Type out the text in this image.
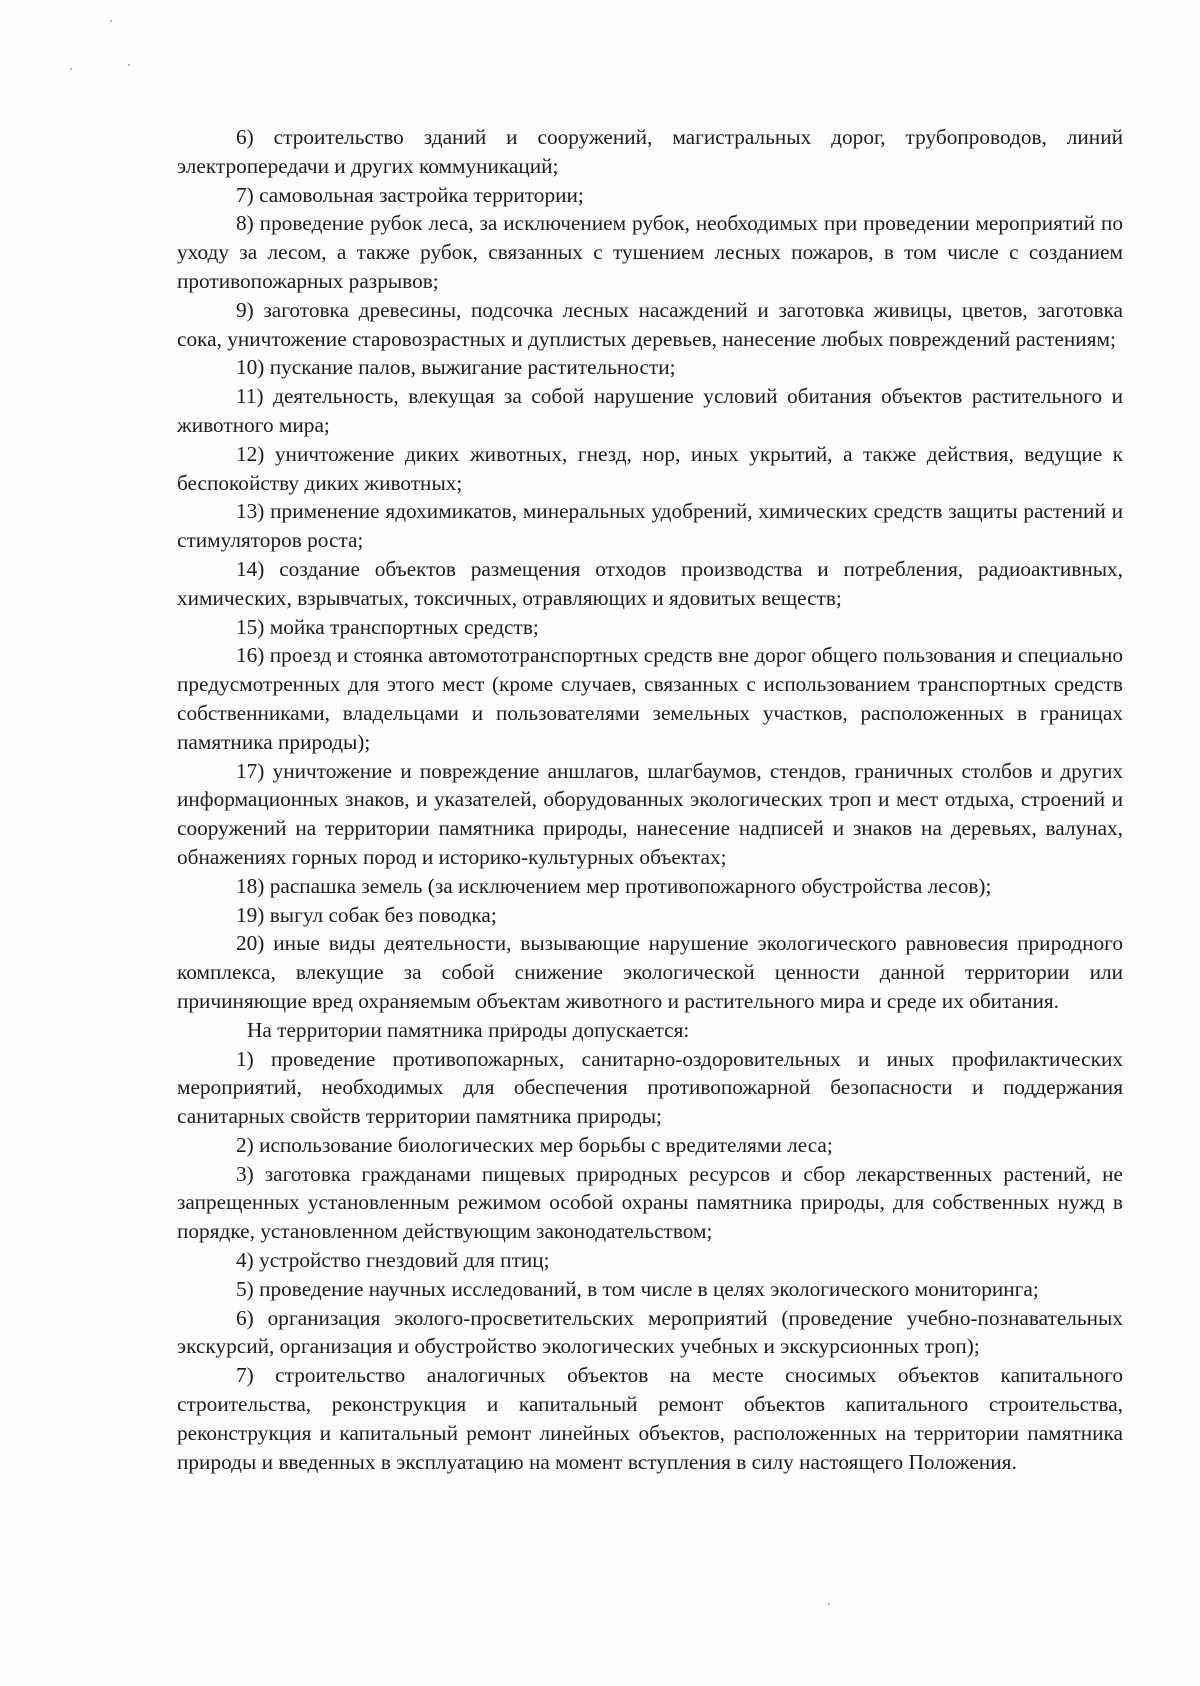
6) строительство зданий и сооружений, магистральных дорог, трубопроводов, линий электропередачи и других коммуникаций;

7) самовольная застройка территории;

8) проведение рубок леса, за исключением рубок, необходимых при проведении мероприятий по уходу за лесом, а также рубок, связанных с тушением лесных пожаров, в том числе с созданием противопожарных разрывов;

9) заготовка древесины, подсочка лесных насаждений и заготовка живицы, цветов, заготовка сока, уничтожение старовозрастных и дуплистых деревьев, нанесение любых повреждений растениям;

10) пускание палов, выжигание растительности;

11) деятельность, влекущая за собой нарушение условий обитания объектов растительного и животного мира;

12) уничтожение диких животных, гнезд, нор, иных укрытий, а также действия, ведущие к беспокойству диких животных;

13) применение ядохимикатов, минеральных удобрений, химических средств защиты растений и стимуляторов роста;

14) создание объектов размещения отходов производства и потребления, радиоактивных, химических, взрывчатых, токсичных, отравляющих и ядовитых веществ;

15) мойка транспортных средств;

16) проезд и стоянка автомототранспортных средств вне дорог общего пользования и специально предусмотренных для этого мест (кроме случаев, связанных с использованием транспортных средств собственниками, владельцами и пользователями земельных участков, расположенных в границах памятника природы);

17) уничтожение и повреждение аншлагов, шлагбаумов, стендов, граничных столбов и других информационных знаков, и указателей, оборудованных экологических троп и мест отдыха, строений и сооружений на территории памятника природы, нанесение надписей и знаков на деревьях, валунах, обнажениях горных пород и историко-культурных объектах;

18) распашка земель (за исключением мер противопожарного обустройства лесов);

19) выгул собак без поводка;

20) иные виды деятельности, вызывающие нарушение экологического равновесия природного комплекса, влекущие за собой снижение экологической ценности данной территории или причиняющие вред охраняемым объектам животного и растительного мира и среде их обитания.

На территории памятника природы допускается:

1) проведение противопожарных, санитарно-оздоровительных и иных профилактических мероприятий, необходимых для обеспечения противопожарной безопасности и поддержания санитарных свойств территории памятника природы;

2) использование биологических мер борьбы с вредителями леса;

3) заготовка гражданами пищевых природных ресурсов и сбор лекарственных растений, не запрещенных установленным режимом особой охраны памятника природы, для собственных нужд в порядке, установленном действующим законодательством;

4) устройство гнездовий для птиц;

5) проведение научных исследований, в том числе в целях экологического мониторинга;

6) организация эколого-просветительских мероприятий (проведение учебно-познавательных экскурсий, организация и обустройство экологических учебных и экскурсионных троп);

7) строительство аналогичных объектов на месте сносимых объектов капитального строительства, реконструкция и капитальный ремонт объектов капитального строительства, реконструкция и капитальный ремонт линейных объектов, расположенных на территории памятника природы и введенных в эксплуатацию на момент вступления в силу настоящего Положения.
